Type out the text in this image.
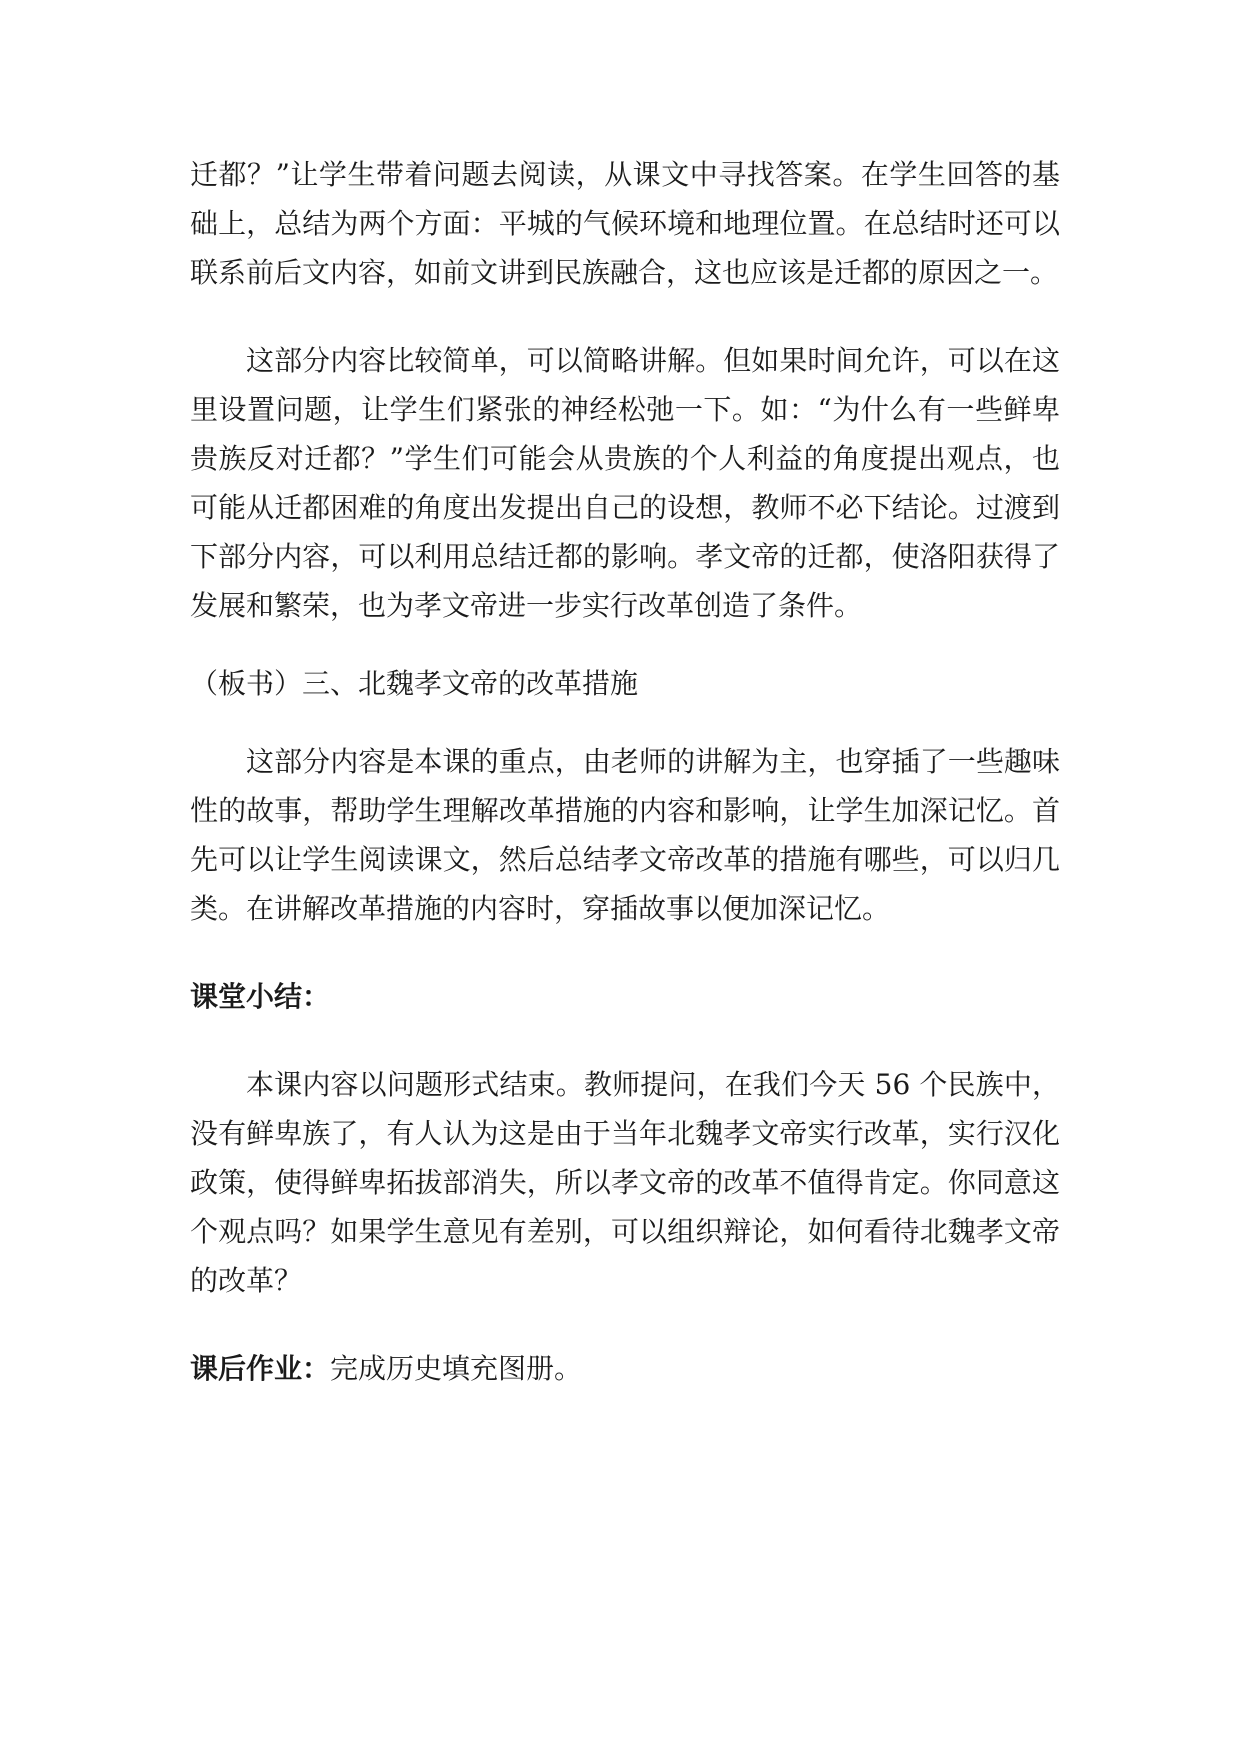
迁都？”让学生带着问题去阅读，从课文中寻找答案。在学生回答的基础上，总结为两个方面：平城的气候环境和地理位置。在总结时还可以联系前后文内容，如前文讲到民族融合，这也应该是迁都的原因之一。

这部分内容比较简单，可以简略讲解。但如果时间允许，可以在这里设置问题，让学生们紧张的神经松弛一下。如：“为什么有一些鲜卑贵族反对迁都？”学生们可能会从贵族的个人利益的角度提出观点，也可能从迁都困难的角度出发提出自己的设想，教师不必下结论。过渡到下部分内容，可以利用总结迁都的影响。孝文帝的迁都，使洛阳获得了发展和繁荣，也为孝文帝进一步实行改革创造了条件。

（板书）三、北魏孝文帝的改革措施

这部分内容是本课的重点，由老师的讲解为主，也穿插了一些趣味性的故事，帮助学生理解改革措施的内容和影响，让学生加深记忆。首先可以让学生阅读课文，然后总结孝文帝改革的措施有哪些，可以归几类。在讲解改革措施的内容时，穿插故事以便加深记忆。

课堂小结：

本课内容以问题形式结束。教师提问，在我们今天 56 个民族中，没有鲜卑族了，有人认为这是由于当年北魏孝文帝实行改革，实行汉化政策，使得鲜卑拓拔部消失，所以孝文帝的改革不值得肯定。你同意这个观点吗？如果学生意见有差别，可以组织辩论，如何看待北魏孝文帝的改革？

课后作业：完成历史填充图册。
